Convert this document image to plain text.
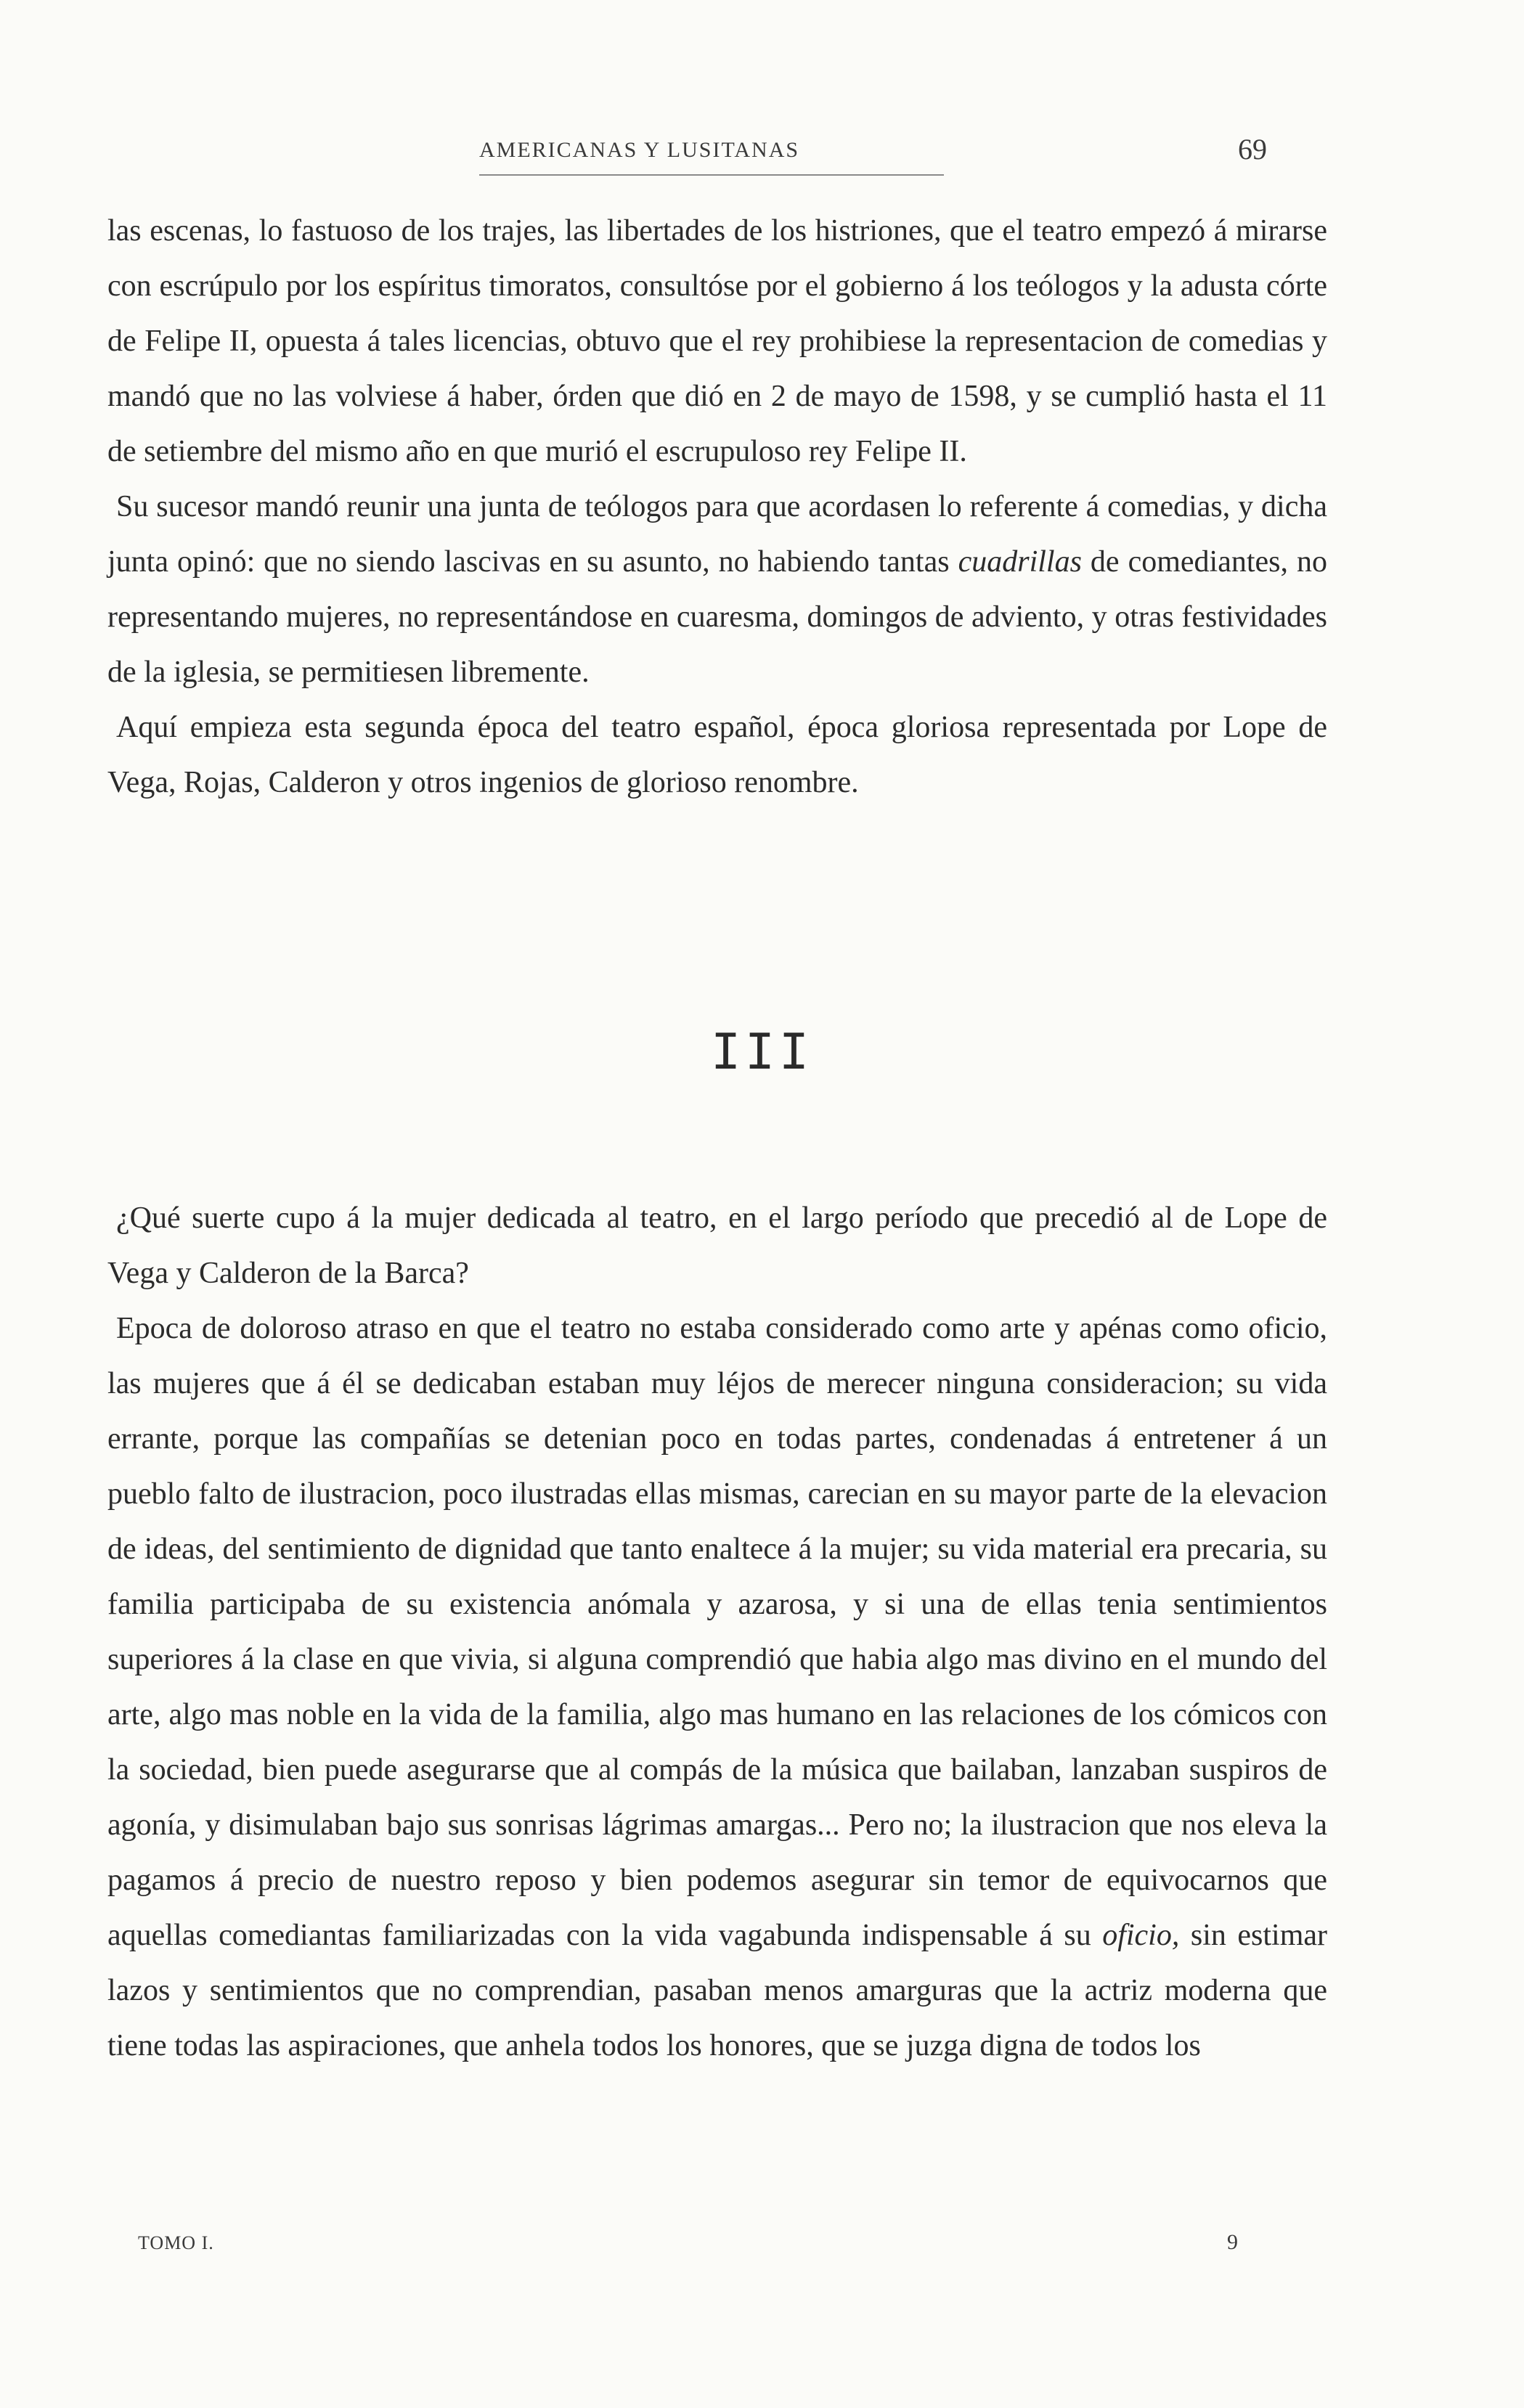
AMERICANAS Y LUSITANAS	69

las escenas, lo fastuoso de los trajes, las libertades de los histriones, que el teatro empezó á mirarse con escrúpulo por los espíritus timoratos, consultóse por el gobierno á los teólogos y la adusta córte de Felipe II, opuesta á tales licencias, obtuvo que el rey prohibiese la representacion de comedias y mandó que no las volviese á haber, órden que dió en 2 de mayo de 1598, y se cumplió hasta el 11 de setiembre del mismo año en que murió el escrupuloso rey Felipe II.

Su sucesor mandó reunir una junta de teólogos para que acordasen lo referente á comedias, y dicha junta opinó: que no siendo lascivas en su asunto, no habiendo tantas cuadrillas de comediantes, no representando mujeres, no representándose en cuaresma, domingos de adviento, y otras festividades de la iglesia, se permitiesen libremente.

Aquí empieza esta segunda época del teatro español, época gloriosa representada por Lope de Vega, Rojas, Calderon y otros ingenios de glorioso renombre.

III

¿Qué suerte cupo á la mujer dedicada al teatro, en el largo período que precedió al de Lope de Vega y Calderon de la Barca?

Epoca de doloroso atraso en que el teatro no estaba considerado como arte y apénas como oficio, las mujeres que á él se dedicaban estaban muy léjos de merecer ninguna consideracion; su vida errante, porque las compañías se detenian poco en todas partes, condenadas á entretener á un pueblo falto de ilustracion, poco ilustradas ellas mismas, carecian en su mayor parte de la elevacion de ideas, del sentimiento de dignidad que tanto enaltece á la mujer; su vida material era precaria, su familia participaba de su existencia anómala y azarosa, y si una de ellas tenia sentimientos superiores á la clase en que vivia, si alguna comprendió que habia algo mas divino en el mundo del arte, algo mas noble en la vida de la familia, algo mas humano en las relaciones de los cómicos con la sociedad, bien puede asegurarse que al compás de la música que bailaban, lanzaban suspiros de agonía, y disimulaban bajo sus sonrisas lágrimas amargas... Pero no; la ilustracion que nos eleva la pagamos á precio de nuestro reposo y bien podemos asegurar sin temor de equivocarnos que aquellas comediantas familiarizadas con la vida vagabunda indispensable á su oficio, sin estimar lazos y sentimientos que no comprendian, pasaban menos amarguras que la actriz moderna que tiene todas las aspiraciones, que anhela todos los honores, que se juzga digna de todos los

TOMO I.	9
